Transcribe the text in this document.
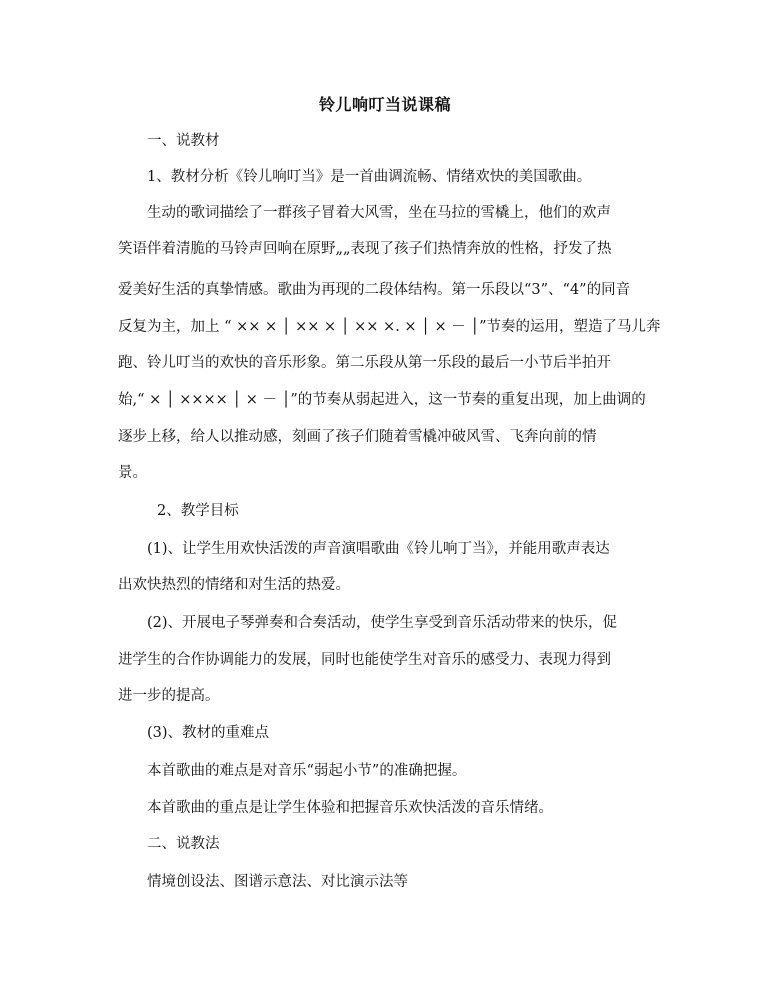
铃儿响叮当说课稿
一、说教材
1、教材分析《铃儿响叮当》是一首曲调流畅、情绪欢快的美国歌曲。
生动的歌词描绘了一群孩子冒着大风雪，坐在马拉的雪橇上，他们的欢声
笑语伴着清脆的马铃声回响在原野„„表现了孩子们热情奔放的性格，抒发了热
爱美好生活的真挚情感。歌曲为再现的二段体结构。第一乐段以“3”、“4”的同音
反复为主，加上 “ ×× × │ ×× × │ ×× ×. × │ × － │”节奏的运用，塑造了马儿奔
跑、铃儿叮当的欢快的音乐形象。第二乐段从第一乐段的最后一小节后半拍开
始,“ × │ ×××× │ × － │”的节奏从弱起进入，这一节奏的重复出现，加上曲调的
逐步上移，给人以推动感，刻画了孩子们随着雪橇冲破风雪、飞奔向前的情
景。
2、教学目标
(1)、让学生用欢快活泼的声音演唱歌曲《铃儿响丁当》，并能用歌声表达
出欢快热烈的情绪和对生活的热爱。
(2)、开展电子琴弹奏和合奏活动，使学生享受到音乐活动带来的快乐，促
进学生的合作协调能力的发展，同时也能使学生对音乐的感受力、表现力得到
进一步的提高。
(3)、教材的重难点
本首歌曲的难点是对音乐“弱起小节”的准确把握。
本首歌曲的重点是让学生体验和把握音乐欢快活泼的音乐情绪。
二、说教法
情境创设法、图谱示意法、对比演示法等
